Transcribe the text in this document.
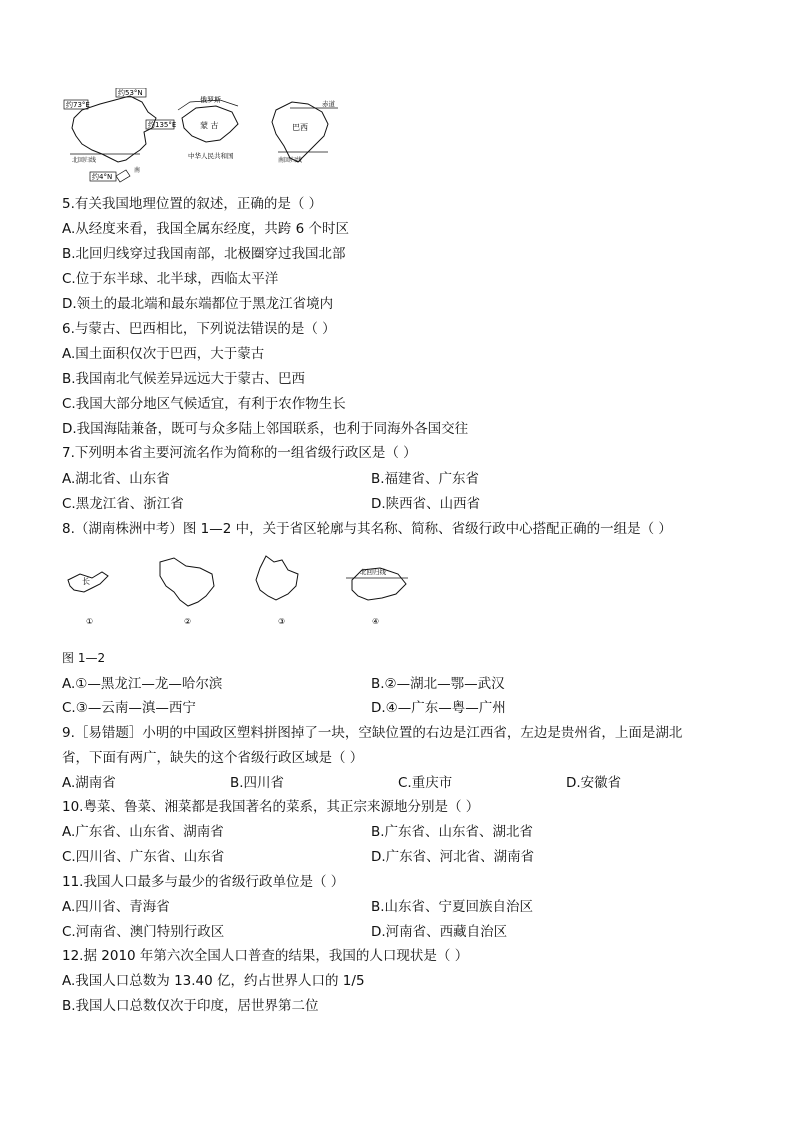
约73°E
约53°N
约135°E
北回归线
约4°N
南
俄罗斯
蒙 古
中华人民共和国
赤道
巴西
南回归线
5.有关我国地理位置的叙述，正确的是（ ）
A.从经度来看，我国全属东经度，共跨 6 个时区
B.北回归线穿过我国南部，北极圈穿过我国北部
C.位于东半球、北半球，西临太平洋
D.领土的最北端和最东端都位于黑龙江省境内
6.与蒙古、巴西相比，下列说法错误的是（ ）
A.国土面积仅次于巴西，大于蒙古
B.我国南北气候差异远远大于蒙古、巴西
C.我国大部分地区气候适宜，有利于农作物生长
D.我国海陆兼备，既可与众多陆上邻国联系，也利于同海外各国交往
7.下列明本省主要河流名作为简称的一组省级行政区是（ ）
A.湖北省、山东省	B.福建省、广东省
C.黑龙江省、浙江省	D.陕西省、山西省
8.（湖南株洲中考）图 1—2 中，关于省区轮廓与其名称、简称、省级行政中心搭配正确的一组是（ ）
长
①	②	③
北回归线
④
图 1—2
A.①—黑龙江—龙—哈尔滨	B.②—湖北—鄂—武汉
C.③—云南—滇—西宁	D.④—广东—粤—广州
9.［易错题］小明的中国政区塑料拼图掉了一块，空缺位置的右边是江西省，左边是贵州省，上面是湖北
省，下面有两广，缺失的这个省级行政区域是（ ）
A.湖南省	B.四川省	C.重庆市	D.安徽省
10.粤菜、鲁菜、湘菜都是我国著名的菜系，其正宗来源地分别是（ ）
A.广东省、山东省、湖南省	B.广东省、山东省、湖北省
C.四川省、广东省、山东省	D.广东省、河北省、湖南省
11.我国人口最多与最少的省级行政单位是（ ）
A.四川省、青海省	B.山东省、宁夏回族自治区
C.河南省、澳门特别行政区	D.河南省、西藏自治区
12.据 2010 年第六次全国人口普查的结果，我国的人口现状是（ ）
A.我国人口总数为 13.40 亿，约占世界人口的 1/5
B.我国人口总数仅次于印度，居世界第二位
